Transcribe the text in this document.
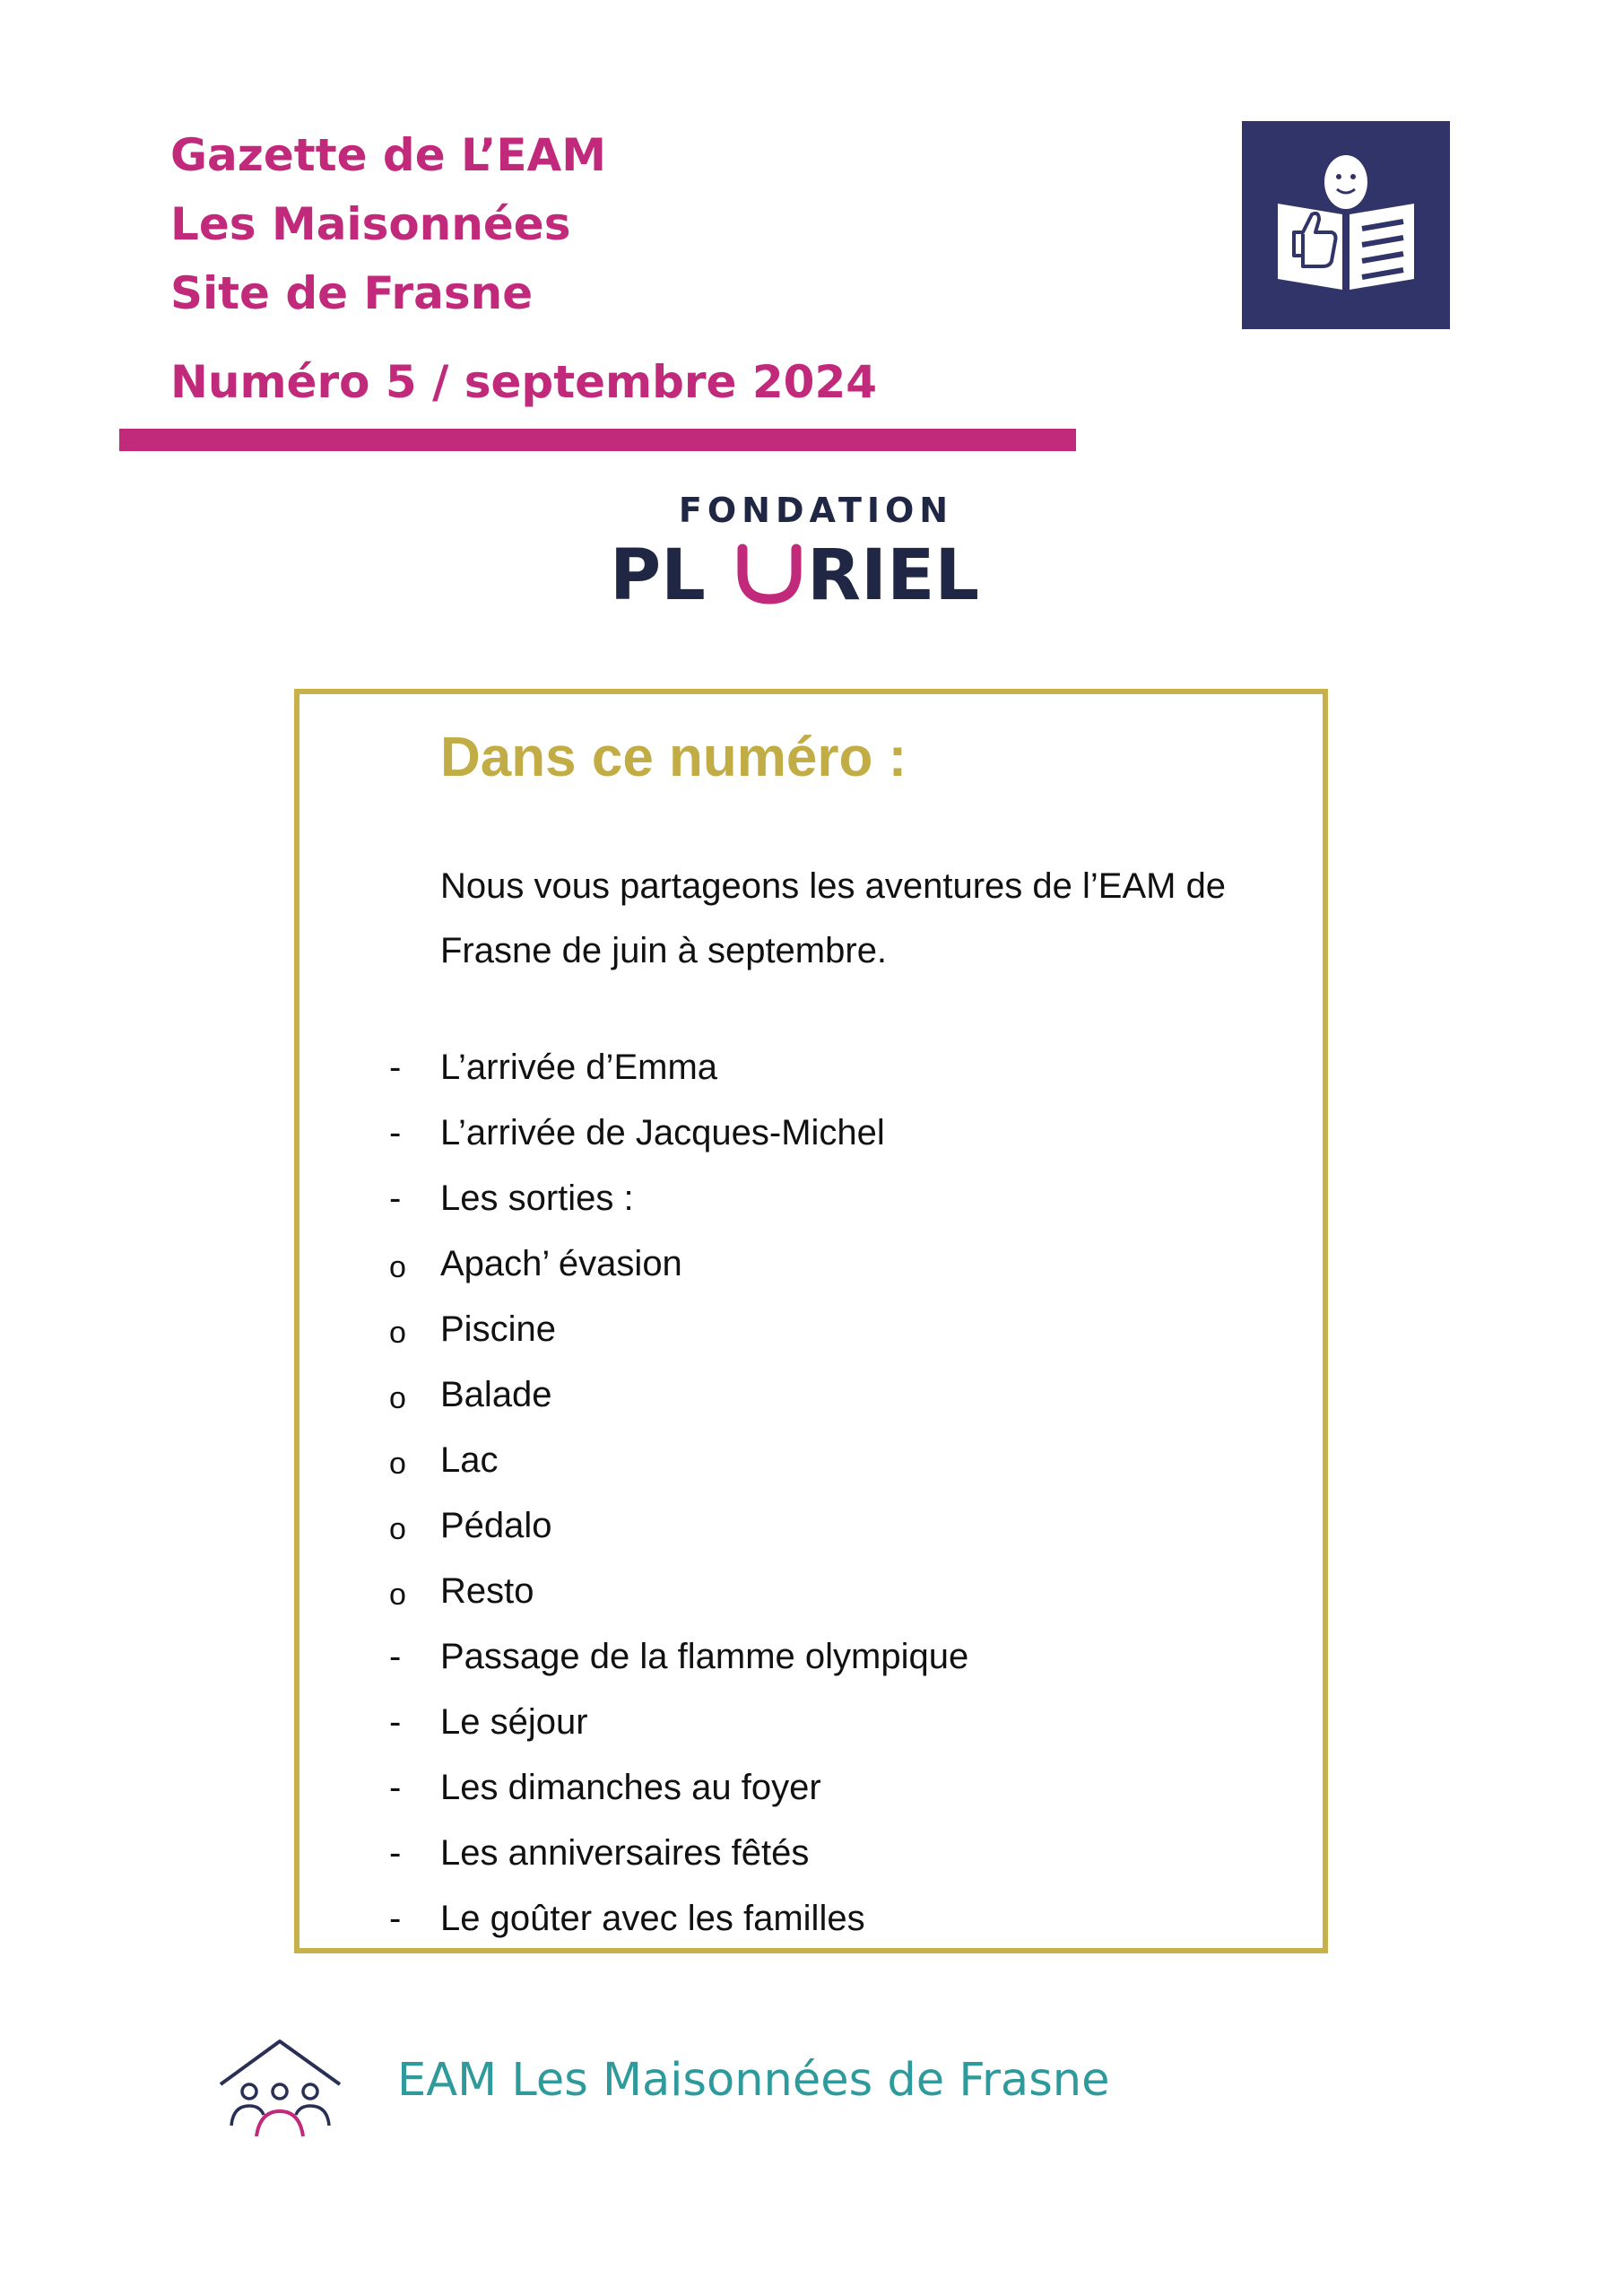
Gazette de L’EAM
Les Maisonnées
Site de Frasne
Numéro 5 / septembre 2024
FONDATION
PL RIEL
Dans ce numéro :
Nous vous partageons les aventures de l’EAM de Frasne de juin à septembre.
-	L’arrivée d’Emma
-	L’arrivée de Jacques-Michel
-	Les sorties :
o Apach’ évasion
o Piscine
o Balade
o Lac
o Pédalo
o Resto
-	Passage de la flamme olympique
-	Le séjour
-	Les dimanches au foyer
-	Les anniversaires fêtés
-	Le goûter avec les familles
EAM Les Maisonnées de Frasne
